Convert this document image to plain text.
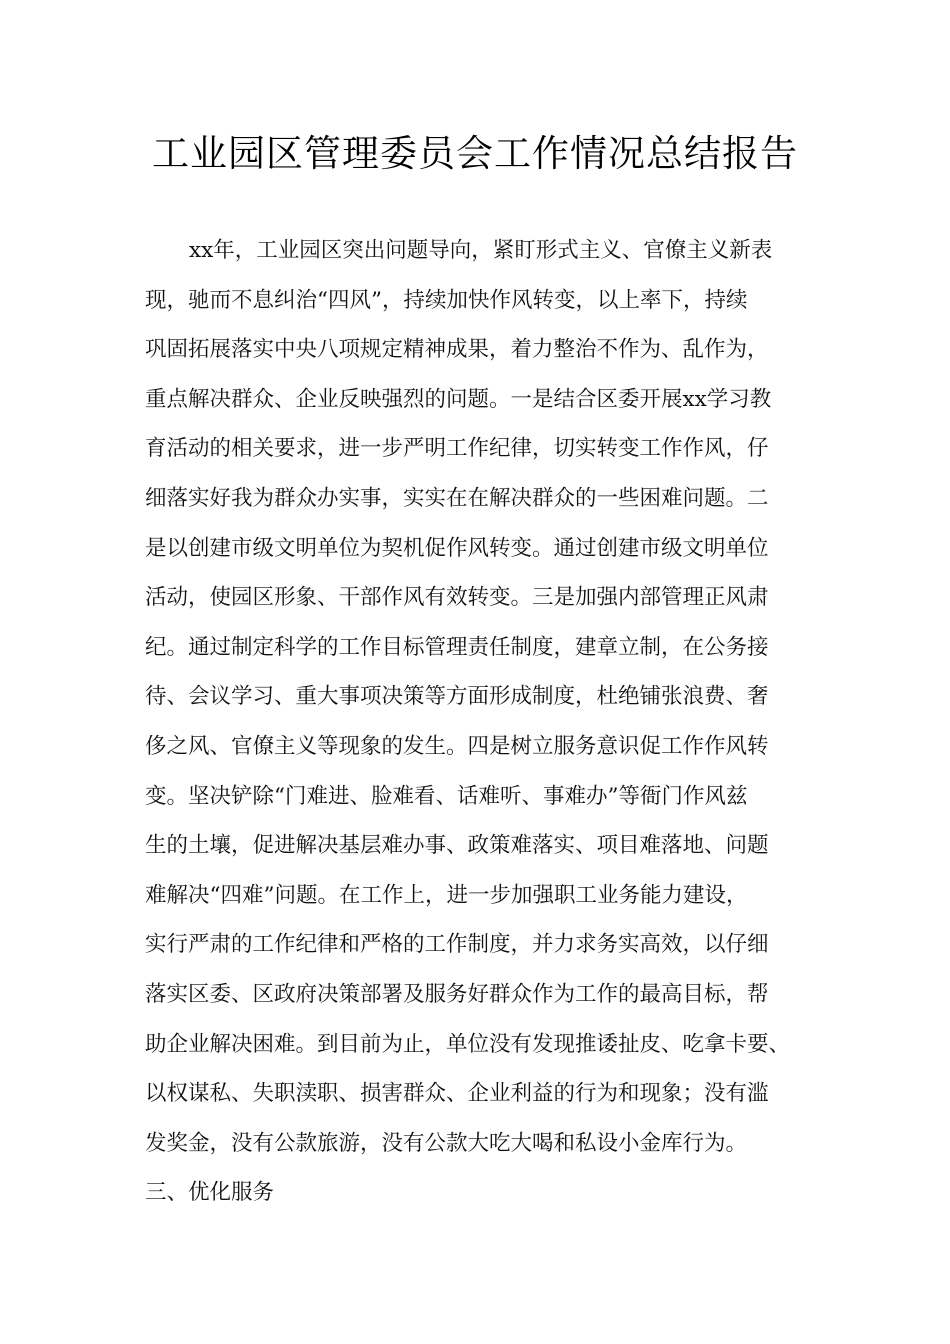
工业园区管理委员会工作情况总结报告
xx年，工业园区突出问题导向，紧盯形式主义、官僚主义新表
现，驰而不息纠治“四风”，持续加快作风转变，以上率下，持续
巩固拓展落实中央八项规定精神成果，着力整治不作为、乱作为，
重点解决群众、企业反映强烈的问题。一是结合区委开展xx学习教
育活动的相关要求，进一步严明工作纪律，切实转变工作作风，仔
细落实好我为群众办实事，实实在在解决群众的一些困难问题。二
是以创建市级文明单位为契机促作风转变。通过创建市级文明单位
活动，使园区形象、干部作风有效转变。三是加强内部管理正风肃
纪。通过制定科学的工作目标管理责任制度，建章立制，在公务接
待、会议学习、重大事项决策等方面形成制度，杜绝铺张浪费、奢
侈之风、官僚主义等现象的发生。四是树立服务意识促工作作风转
变。坚决铲除“门难进、脸难看、话难听、事难办”等衙门作风兹
生的土壤，促进解决基层难办事、政策难落实、项目难落地、问题
难解决“四难”问题。在工作上，进一步加强职工业务能力建设，
实行严肃的工作纪律和严格的工作制度，并力求务实高效，以仔细
落实区委、区政府决策部署及服务好群众作为工作的最高目标，帮
助企业解决困难。到目前为止，单位没有发现推诿扯皮、吃拿卡要、
以权谋私、失职渎职、损害群众、企业利益的行为和现象；没有滥
发奖金，没有公款旅游，没有公款大吃大喝和私设小金库行为。
三、优化服务
